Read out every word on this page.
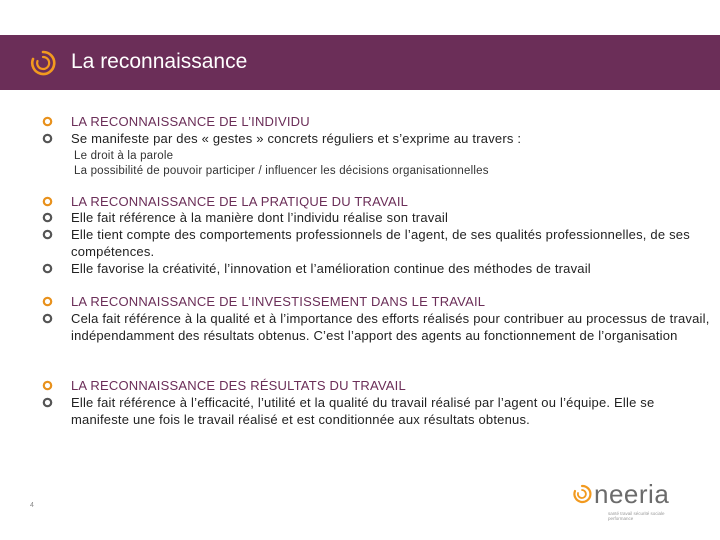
La reconnaissance
LA RECONNAISSANCE DE L’INDIVIDU
Se manifeste par des « gestes » concrets réguliers et s’exprime au travers :
Le droit à la parole
La possibilité de pouvoir participer / influencer les décisions organisationnelles
LA RECONNAISSANCE DE LA PRATIQUE DU TRAVAIL
Elle fait référence à la manière dont l’individu réalise son travail
Elle tient compte des comportements professionnels de l’agent, de ses qualités professionnelles, de ses compétences.
Elle favorise la créativité, l’innovation et l’amélioration continue des méthodes de travail
LA RECONNAISSANCE DE L’INVESTISSEMENT DANS LE TRAVAIL
Cela fait référence à la qualité et à l’importance des efforts réalisés pour contribuer au processus de travail, indépendamment des résultats obtenus. C’est l’apport des agents au fonctionnement de l’organisation
LA RECONNAISSANCE DES RÉSULTATS DU TRAVAIL
Elle fait référence à l’efficacité, l’utilité et la qualité du travail réalisé par l’agent ou l’équipe. Elle se manifeste une fois le travail réalisé et est conditionnée aux résultats obtenus.
4	neeria
santé travail sécurité sociale performance
